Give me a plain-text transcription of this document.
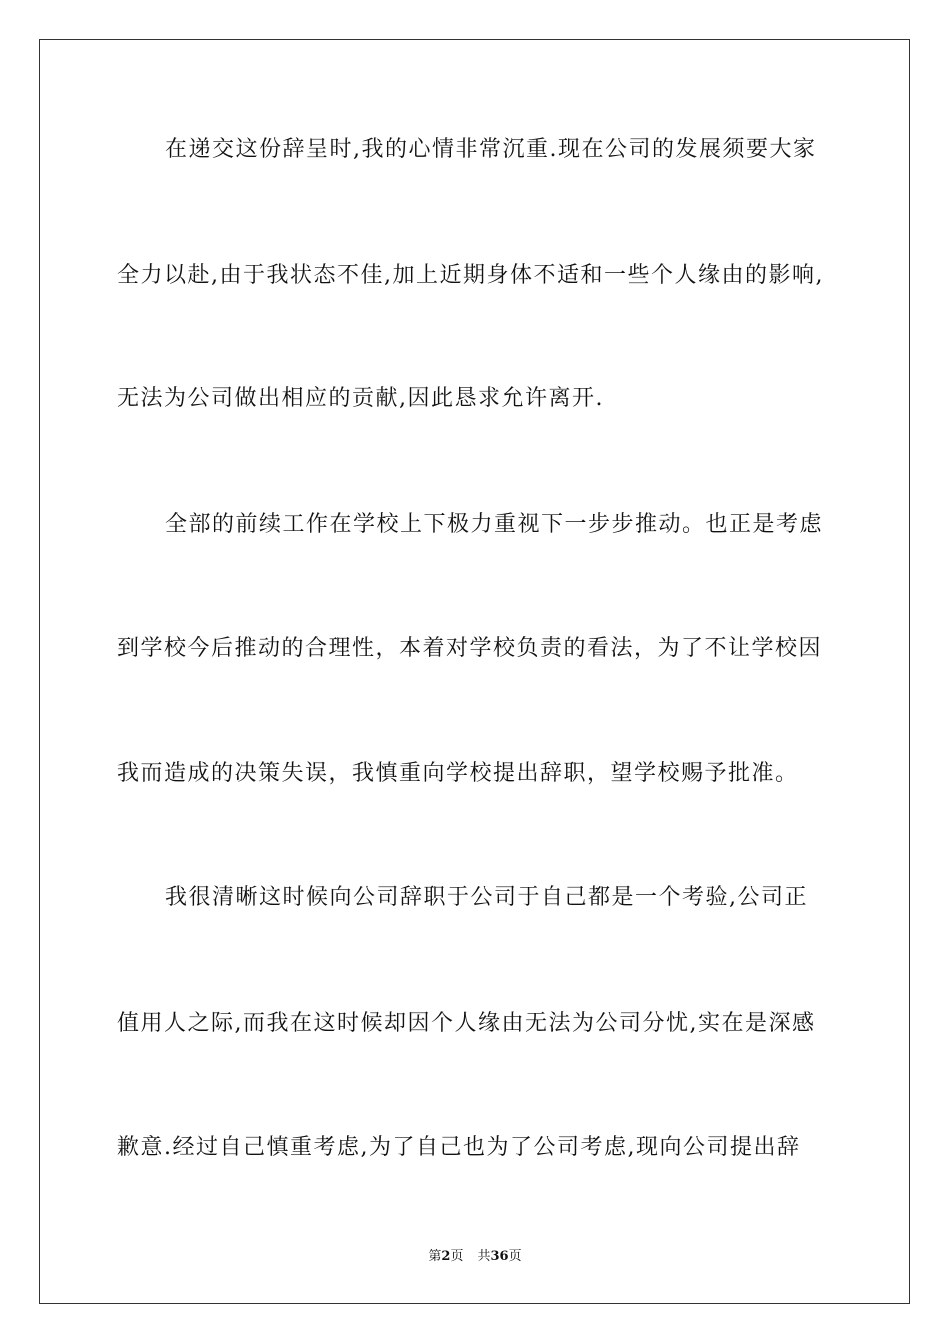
在递交这份辞呈时,我的心情非常沉重.现在公司的发展须要大家
全力以赴,由于我状态不佳,加上近期身体不适和一些个人缘由的影响,
无法为公司做出相应的贡献,因此恳求允许离开.
全部的前续工作在学校上下极力重视下一步步推动。也正是考虑
到学校今后推动的合理性，本着对学校负责的看法，为了不让学校因
我而造成的决策失误，我慎重向学校提出辞职，望学校赐予批准。
我很清晰这时候向公司辞职于公司于自己都是一个考验,公司正
值用人之际,而我在这时候却因个人缘由无法为公司分忧,实在是深感
歉意.经过自己慎重考虑,为了自己也为了公司考虑,现向公司提出辞
第2页 共36页
